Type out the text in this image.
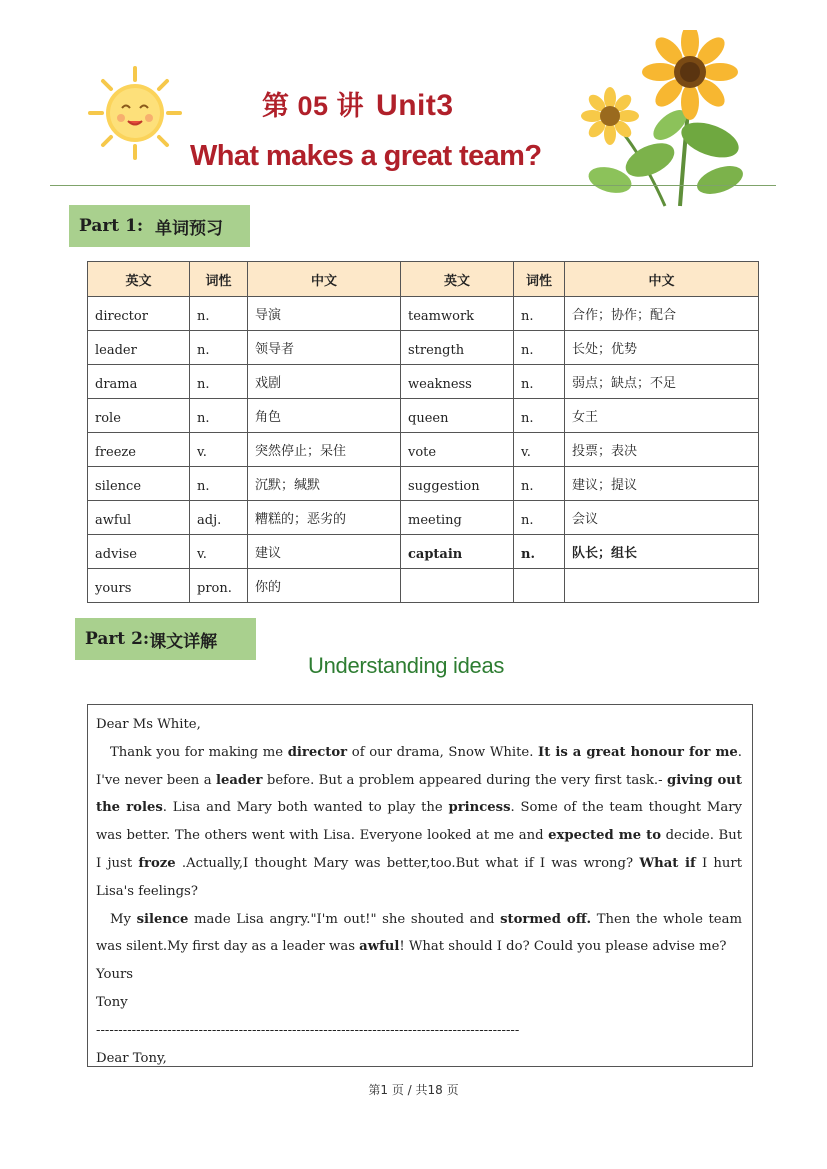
第 05 讲 Unit3
What makes a great team?
Part 1:
单词预习
英文	词性	中文	英文	词性	中文
director	n.	导演	teamwork	n.	合作；协作；配合
leader	n.	领导者	strength	n.	长处；优势
drama	n.	戏剧	weakness	n.	弱点；缺点；不足
role	n.	角色	queen	n.	女王
freeze	v.	突然停止；呆住	vote	v.	投票；表决
silence	n.	沉默；缄默	suggestion	n.	建议；提议
awful	adj.	糟糕的；恶劣的	meeting	n.	会议
advise	v.	建议	captain	n.	队长；组长
yours	pron.	你的			
Part 2: 课文详解
Understanding ideas

Dear Ms White,

Thank you for making me director of our drama, Snow White. It is a great honour for me. I've never been a leader before. But a problem appeared during the very first task.- giving out the roles. Lisa and Mary both wanted to play the princess. Some of the team thought Mary was better. The others went with Lisa. Everyone looked at me and expected me to decide. But I just froze .Actually,I thought Mary was better,too.But what if I was wrong? What if I hurt Lisa's feelings?

My silence made Lisa angry."I'm out!" she shouted and stormed off. Then the whole team was silent.My first day as a leader was awful! What should I do? Could you please advise me?

Yours

Tony

-----------------------------------------------------------------------------------------------

Dear Tony,

第1 页 / 共18 页
